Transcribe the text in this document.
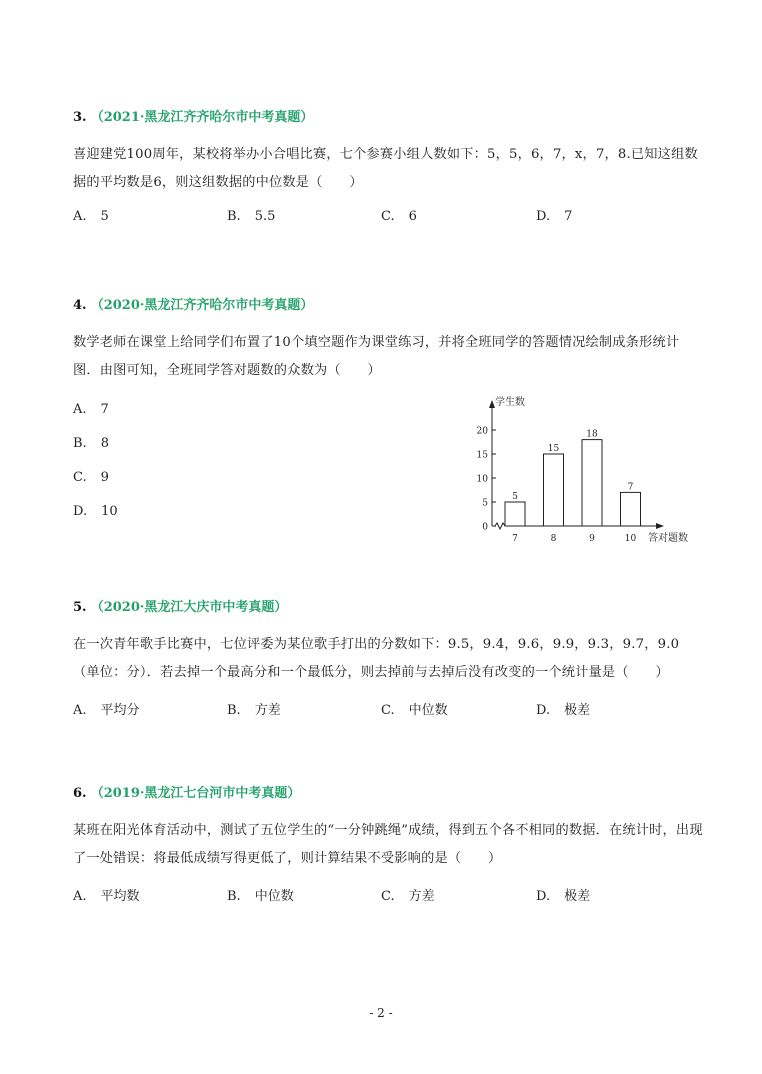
3. （2021·黑龙江齐齐哈尔市中考真题）
喜迎建党100周年，某校将举办小合唱比赛，七个参赛小组人数如下：5，5，6，7，x，7，8.已知这组数据的平均数是6，则这组数据的中位数是（　　）
A. 5	B. 5.5	C. 6	D. 7
4. （2020·黑龙江齐齐哈尔市中考真题）
数学老师在课堂上给同学们布置了10个填空题作为课堂练习，并将全班同学的答题情况绘制成条形统计图．由图可知，全班同学答对题数的众数为（　　）
A. 7
B. 8
C. 9
D. 10
0
5
10
15
20
学生数
答对题数
5
7
15
8
18
9
7
10
5. （2020·黑龙江大庆市中考真题）
在一次青年歌手比赛中，七位评委为某位歌手打出的分数如下：9.5，9.4，9.6，9.9，9.3，9.7，9.0（单位：分）．若去掉一个最高分和一个最低分，则去掉前与去掉后没有改变的一个统计量是（　　）
A. 平均分	B. 方差	C. 中位数	D. 极差
6. （2019·黑龙江七台河市中考真题）
某班在阳光体育活动中，测试了五位学生的“一分钟跳绳”成绩，得到五个各不相同的数据．在统计时，出现了一处错误：将最低成绩写得更低了，则计算结果不受影响的是（　　）
A. 平均数	B. 中位数	C. 方差	D. 极差
- 2 -
